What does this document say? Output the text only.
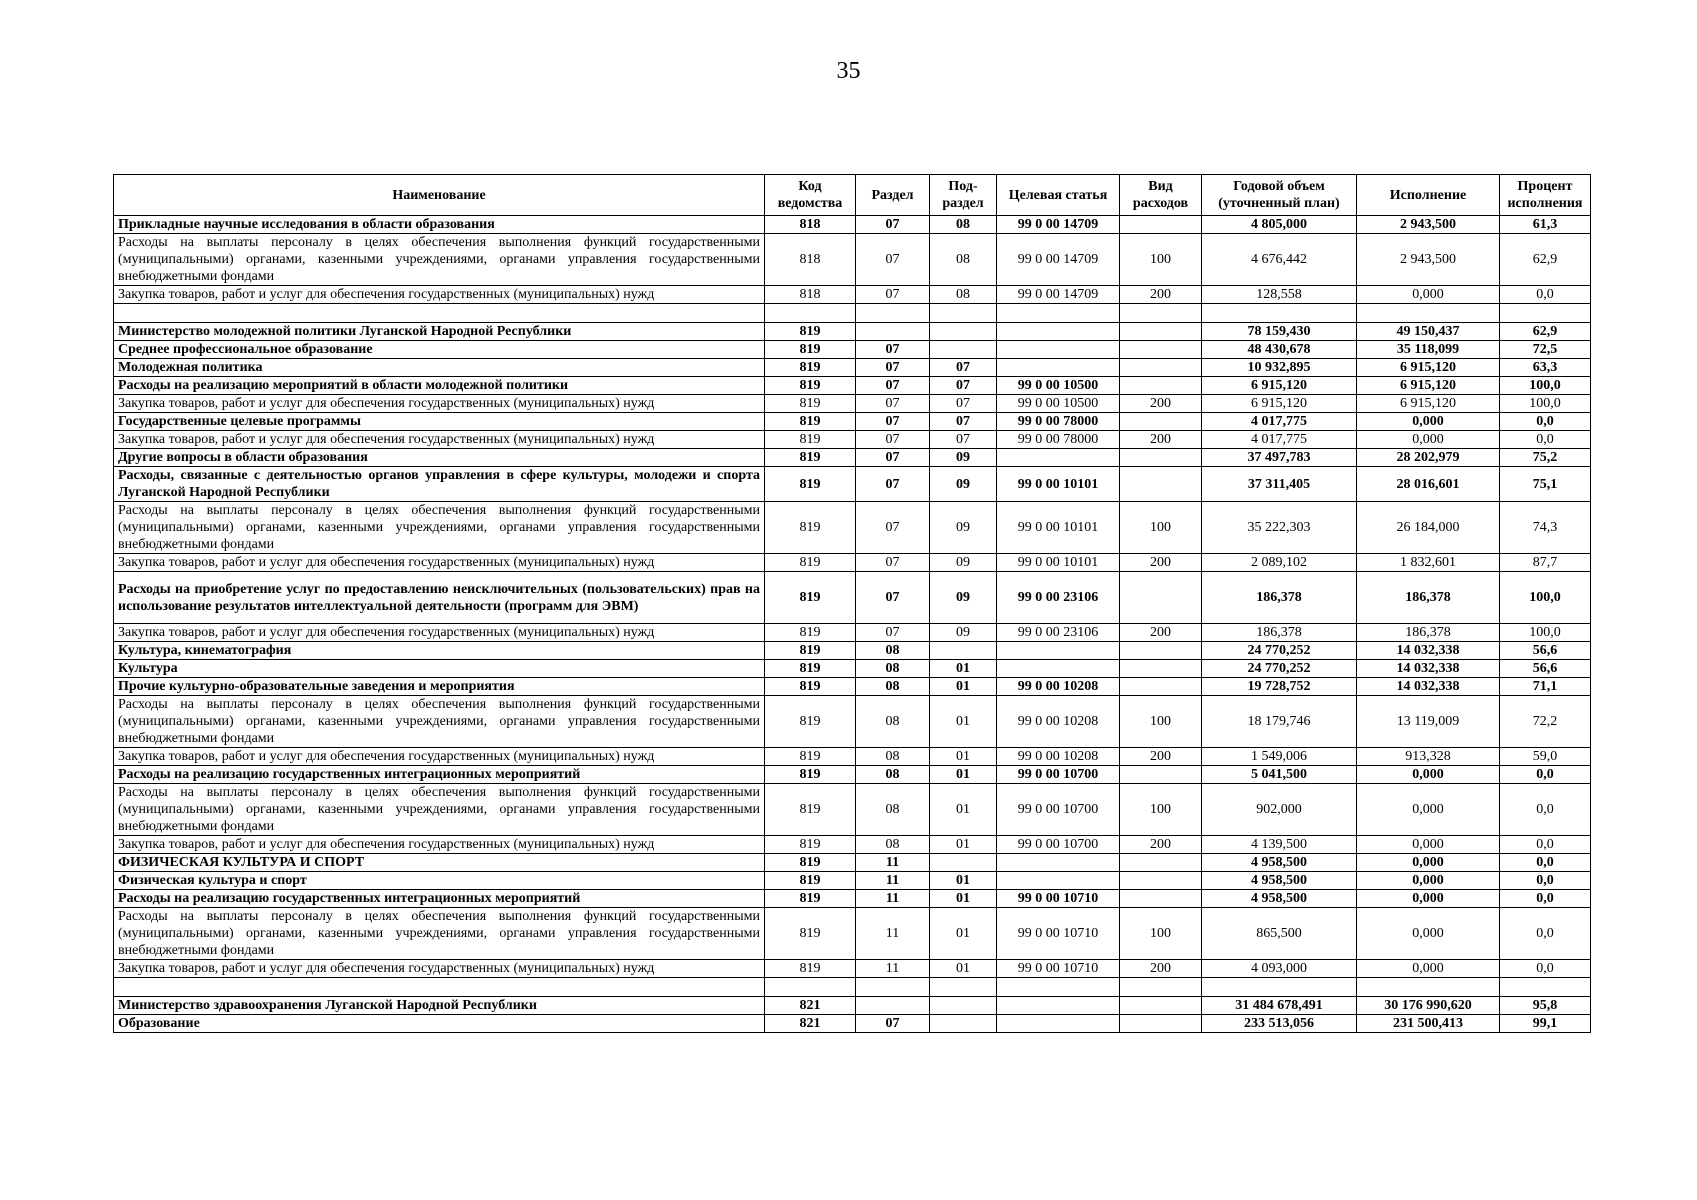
35
Наименование	Код ведомства	Раздел	Под-раздел	Целевая статья	Вид расходов	Годовой объем (уточненный план)	Исполнение	Процент исполнения
Прикладные научные исследования в области образования	818	07	08	99 0 00 14709		4 805,000	2 943,500	61,3
Расходы на выплаты персоналу в целях обеспечения выполнения функций государственными (муниципальными) органами, казенными учреждениями, органами управления государственными внебюджетными фондами	818	07	08	99 0 00 14709	100	4 676,442	2 943,500	62,9
Закупка товаров, работ и услуг для обеспечения государственных (муниципальных) нужд	818	07	08	99 0 00 14709	200	128,558	0,000	0,0

Министерство молодежной политики Луганской Народной Республики	819					78 159,430	49 150,437	62,9
Среднее профессиональное образование	819	07				48 430,678	35 118,099	72,5
Молодежная политика	819	07	07			10 932,895	6 915,120	63,3
Расходы на реализацию мероприятий в области молодежной политики	819	07	07	99 0 00 10500		6 915,120	6 915,120	100,0
Закупка товаров, работ и услуг для обеспечения государственных (муниципальных) нужд	819	07	07	99 0 00 10500	200	6 915,120	6 915,120	100,0
Государственные целевые программы	819	07	07	99 0 00 78000		4 017,775	0,000	0,0
Закупка товаров, работ и услуг для обеспечения государственных (муниципальных) нужд	819	07	07	99 0 00 78000	200	4 017,775	0,000	0,0
Другие вопросы в области образования	819	07	09			37 497,783	28 202,979	75,2
Расходы, связанные с деятельностью органов управления в сфере культуры, молодежи и спорта Луганской Народной Республики	819	07	09	99 0 00 10101		37 311,405	28 016,601	75,1
Расходы на выплаты персоналу в целях обеспечения выполнения функций государственными (муниципальными) органами, казенными учреждениями, органами управления государственными внебюджетными фондами	819	07	09	99 0 00 10101	100	35 222,303	26 184,000	74,3
Закупка товаров, работ и услуг для обеспечения государственных (муниципальных) нужд	819	07	09	99 0 00 10101	200	2 089,102	1 832,601	87,7
Расходы на приобретение услуг по предоставлению неисключительных (пользовательских) прав на использование результатов интеллектуальной деятельности (программ для ЭВМ)	819	07	09	99 0 00 23106		186,378	186,378	100,0
Закупка товаров, работ и услуг для обеспечения государственных (муниципальных) нужд	819	07	09	99 0 00 23106	200	186,378	186,378	100,0
Культура, кинематография	819	08				24 770,252	14 032,338	56,6
Культура	819	08	01			24 770,252	14 032,338	56,6
Прочие культурно-образовательные заведения и мероприятия	819	08	01	99 0 00 10208		19 728,752	14 032,338	71,1
Расходы на выплаты персоналу в целях обеспечения выполнения функций государственными (муниципальными) органами, казенными учреждениями, органами управления государственными внебюджетными фондами	819	08	01	99 0 00 10208	100	18 179,746	13 119,009	72,2
Закупка товаров, работ и услуг для обеспечения государственных (муниципальных) нужд	819	08	01	99 0 00 10208	200	1 549,006	913,328	59,0
Расходы на реализацию государственных интеграционных мероприятий	819	08	01	99 0 00 10700		5 041,500	0,000	0,0
Расходы на выплаты персоналу в целях обеспечения выполнения функций государственными (муниципальными) органами, казенными учреждениями, органами управления государственными внебюджетными фондами	819	08	01	99 0 00 10700	100	902,000	0,000	0,0
Закупка товаров, работ и услуг для обеспечения государственных (муниципальных) нужд	819	08	01	99 0 00 10700	200	4 139,500	0,000	0,0
ФИЗИЧЕСКАЯ КУЛЬТУРА И СПОРТ	819	11				4 958,500	0,000	0,0
Физическая культура и спорт	819	11	01			4 958,500	0,000	0,0
Расходы на реализацию государственных интеграционных мероприятий	819	11	01	99 0 00 10710		4 958,500	0,000	0,0
Расходы на выплаты персоналу в целях обеспечения выполнения функций государственными (муниципальными) органами, казенными учреждениями, органами управления государственными внебюджетными фондами	819	11	01	99 0 00 10710	100	865,500	0,000	0,0
Закупка товаров, работ и услуг для обеспечения государственных (муниципальных) нужд	819	11	01	99 0 00 10710	200	4 093,000	0,000	0,0

Министерство здравоохранения Луганской Народной Республики	821					31 484 678,491	30 176 990,620	95,8
Образование	821	07				233 513,056	231 500,413	99,1
